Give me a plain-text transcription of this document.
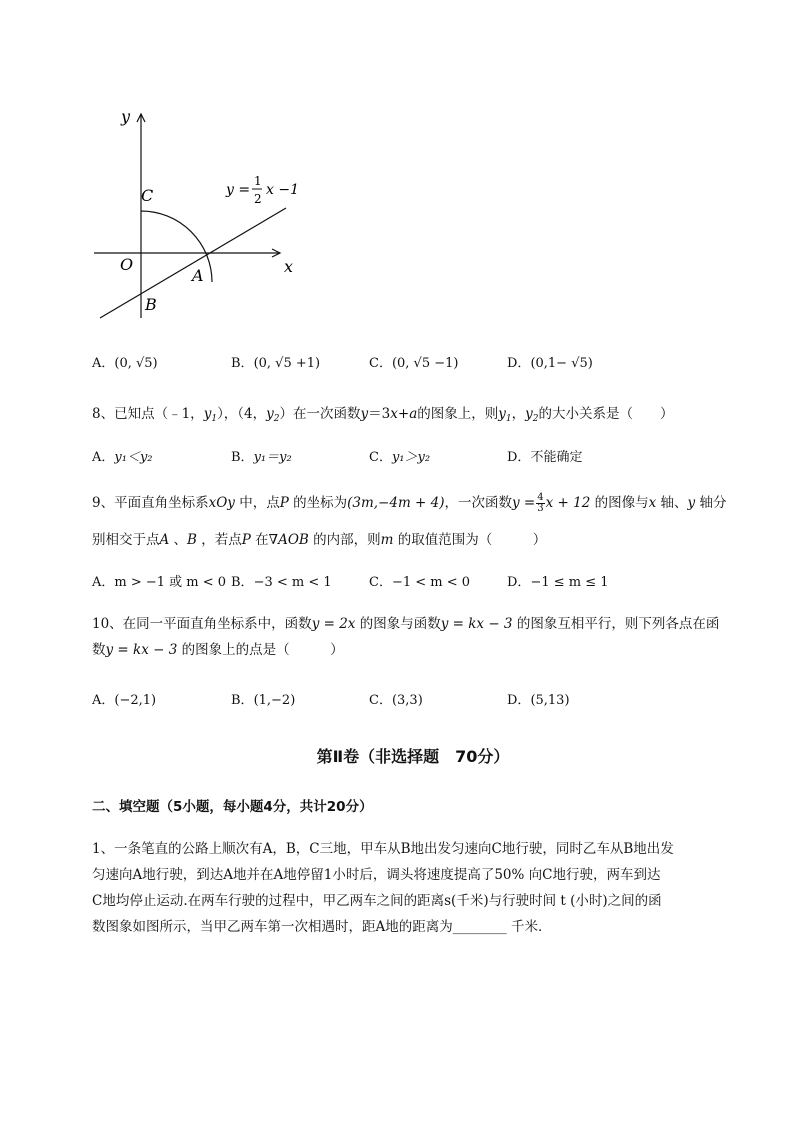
y
x
O
C
A
B
y =
1
2
x −1
A．(0, √5)	B．(0, √5 +1)	C．(0, √5 −1)	D．(0,1− √5)
8、已知点（﹣1，$y_1$），（4，$y_2$）在一次函数y＝3x+a的图象上，则$y_1$，$y_2$的大小关系是（　　）
A．y₁＜y₂	B．y₁＝y₂	C．y₁＞y₂	D．不能确定
9、平面直角坐标系xOy 中，点P 的坐标为(3m,−4m + 4)，一次函数$y = \frac{4}{3}$ x + 12 的图像与x 轴、y 轴分
别相交于点A 、B ，若点P 在∇AOB 的内部，则m 的取值范围为（　　　）
A．m > −1 或 m < 0 B．−3 < m < 1	C．−1 < m < 0	D．−1 ≤ m ≤ 1
10、在同一平面直角坐标系中，函数y = 2x 的图象与函数y = kx − 3 的图象互相平行，则下列各点在函
数y = kx − 3 的图象上的点是（　　　）
A．(−2,1)	B．(1,−2)	C．(3,3)	D．(5,13)
第Ⅱ卷（非选择题　70分）
二、填空题（5小题，每小题4分，共计20分）
1、一条笔直的公路上顺次有A，B，C三地，甲车从B地出发匀速向C地行驶，同时乙车从B地出发
匀速向A地行驶，到达A地并在A地停留1小时后，调头将速度提高了50% 向C地行驶，两车到达
C地均停止运动.在两车行驶的过程中，甲乙两车之间的距离s(千米)与行驶时间 t (小时)之间的函
数图象如图所示，当甲乙两车第一次相遇时，距A地的距离为________ 千米．
